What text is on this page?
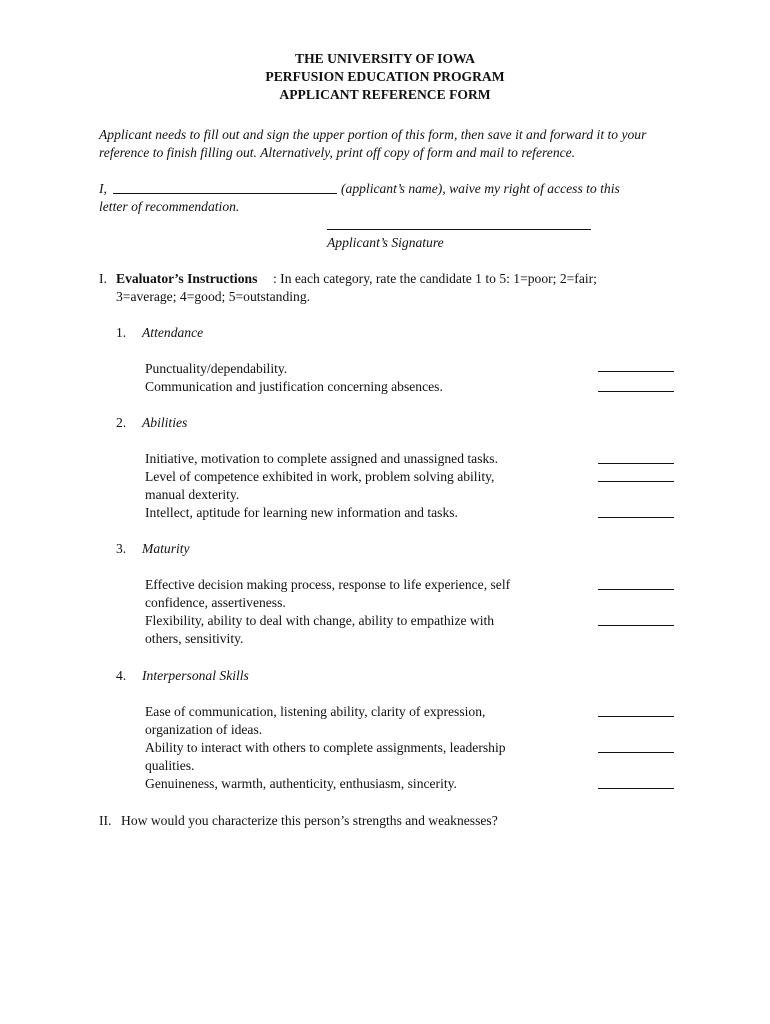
THE UNIVERSITY OF IOWA
PERFUSION EDUCATION PROGRAM
APPLICANT REFERENCE FORM
Applicant needs to fill out and sign the upper portion of this form, then save it and forward it to your
reference to finish filling out. Alternatively, print off copy of form and mail to reference.
I,	(applicant’s name), waive my right of access to this
letter of recommendation.
Applicant’s Signature
I. Evaluator’s Instructions : In each category, rate the candidate 1 to 5: 1=poor; 2=fair;
3=average; 4=good; 5=outstanding.
1. Attendance
Punctuality/dependability.
Communication and justification concerning absences.
2. Abilities
Initiative, motivation to complete assigned and unassigned tasks.
Level of competence exhibited in work, problem solving ability,
manual dexterity.
Intellect, aptitude for learning new information and tasks.
3. Maturity
Effective decision making process, response to life experience, self
confidence, assertiveness.
Flexibility, ability to deal with change, ability to empathize with
others, sensitivity.
4. Interpersonal Skills
Ease of communication, listening ability, clarity of expression,
organization of ideas.
Ability to interact with others to complete assignments, leadership
qualities.
Genuineness, warmth, authenticity, enthusiasm, sincerity.
II. How would you characterize this person’s strengths and weaknesses?
